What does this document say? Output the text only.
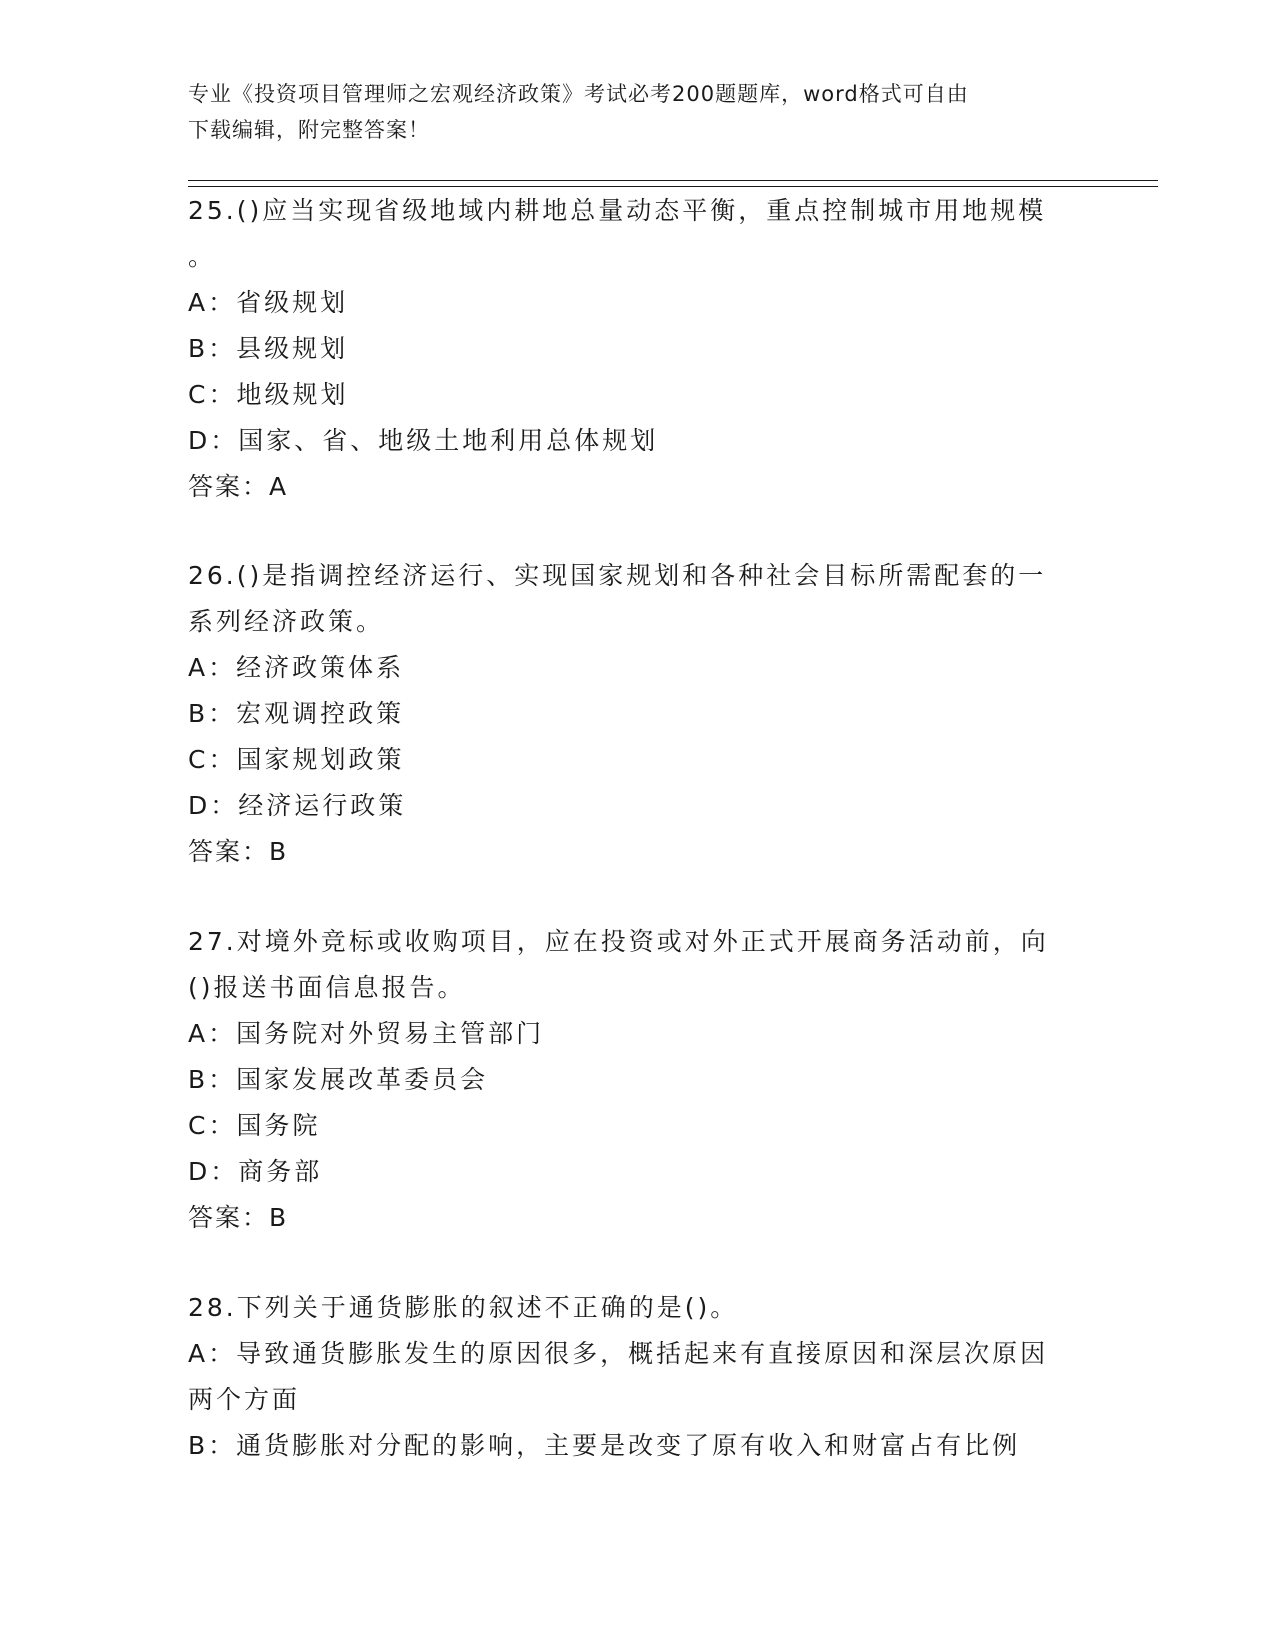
专业《投资项目管理师之宏观经济政策》考试必考200题题库，word格式可自由
下载编辑，附完整答案！
25.()应当实现省级地域内耕地总量动态平衡，重点控制城市用地规模
。
A：省级规划
B：县级规划
C：地级规划
D：国家、省、地级土地利用总体规划
答案：A
26.()是指调控经济运行、实现国家规划和各种社会目标所需配套的一
系列经济政策。
A：经济政策体系
B：宏观调控政策
C：国家规划政策
D：经济运行政策
答案：B
27.对境外竞标或收购项目，应在投资或对外正式开展商务活动前，向
()报送书面信息报告。
A：国务院对外贸易主管部门
B：国家发展改革委员会
C：国务院
D：商务部
答案：B
28.下列关于通货膨胀的叙述不正确的是()。
A：导致通货膨胀发生的原因很多，概括起来有直接原因和深层次原因
两个方面
B：通货膨胀对分配的影响，主要是改变了原有收入和财富占有比例
